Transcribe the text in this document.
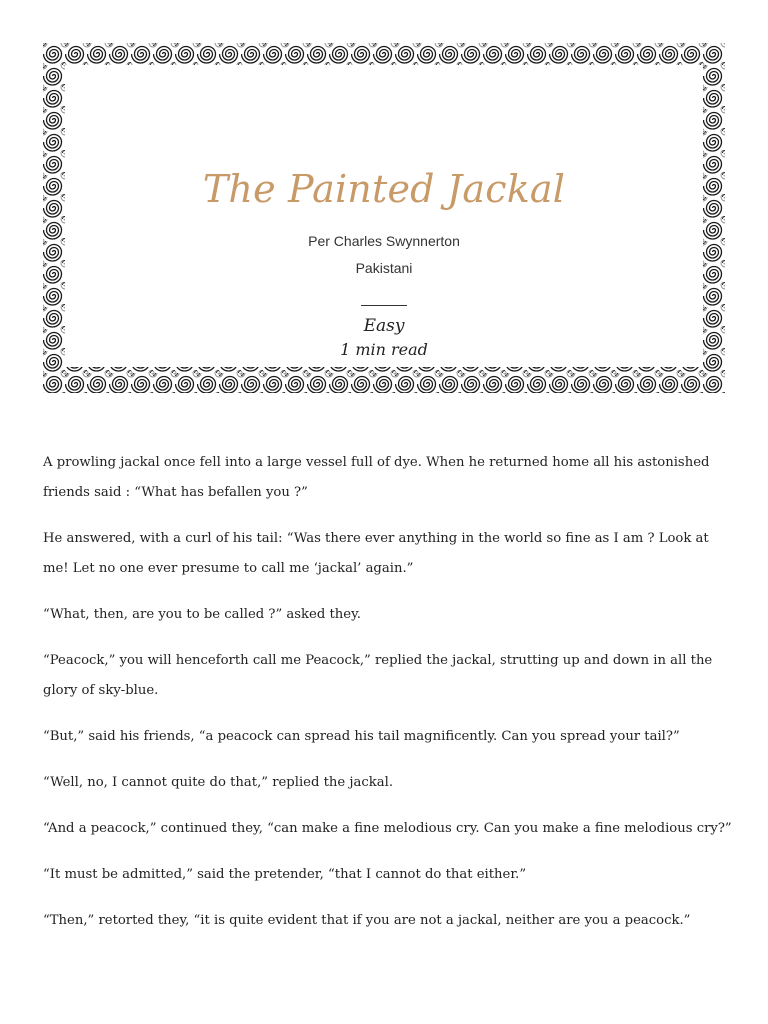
The Painted Jackal
Per Charles Swynnerton
Pakistani
Easy
1 min read

A prowling jackal once fell into a large vessel full of dye. When he returned home all his astonished friends said : “What has befallen you ?”

He answered, with a curl of his tail: “Was there ever anything in the world so fine as I am ? Look at me! Let no one ever presume to call me ‘jackal’ again.”

“What, then, are you to be called ?” asked they.

“Peacock,” you will henceforth call me Peacock,” replied the jackal, strutting up and down in all the glory of sky-blue.

“But,” said his friends, “a peacock can spread his tail magnificently. Can you spread your tail?”

“Well, no, I cannot quite do that,” replied the jackal.

“And a peacock,” continued they, “can make a fine melodious cry. Can you make a fine melodious cry?”

“It must be admitted,” said the pretender, “that I cannot do that either.”

“Then,” retorted they, “it is quite evident that if you are not a jackal, neither are you a peacock.”
